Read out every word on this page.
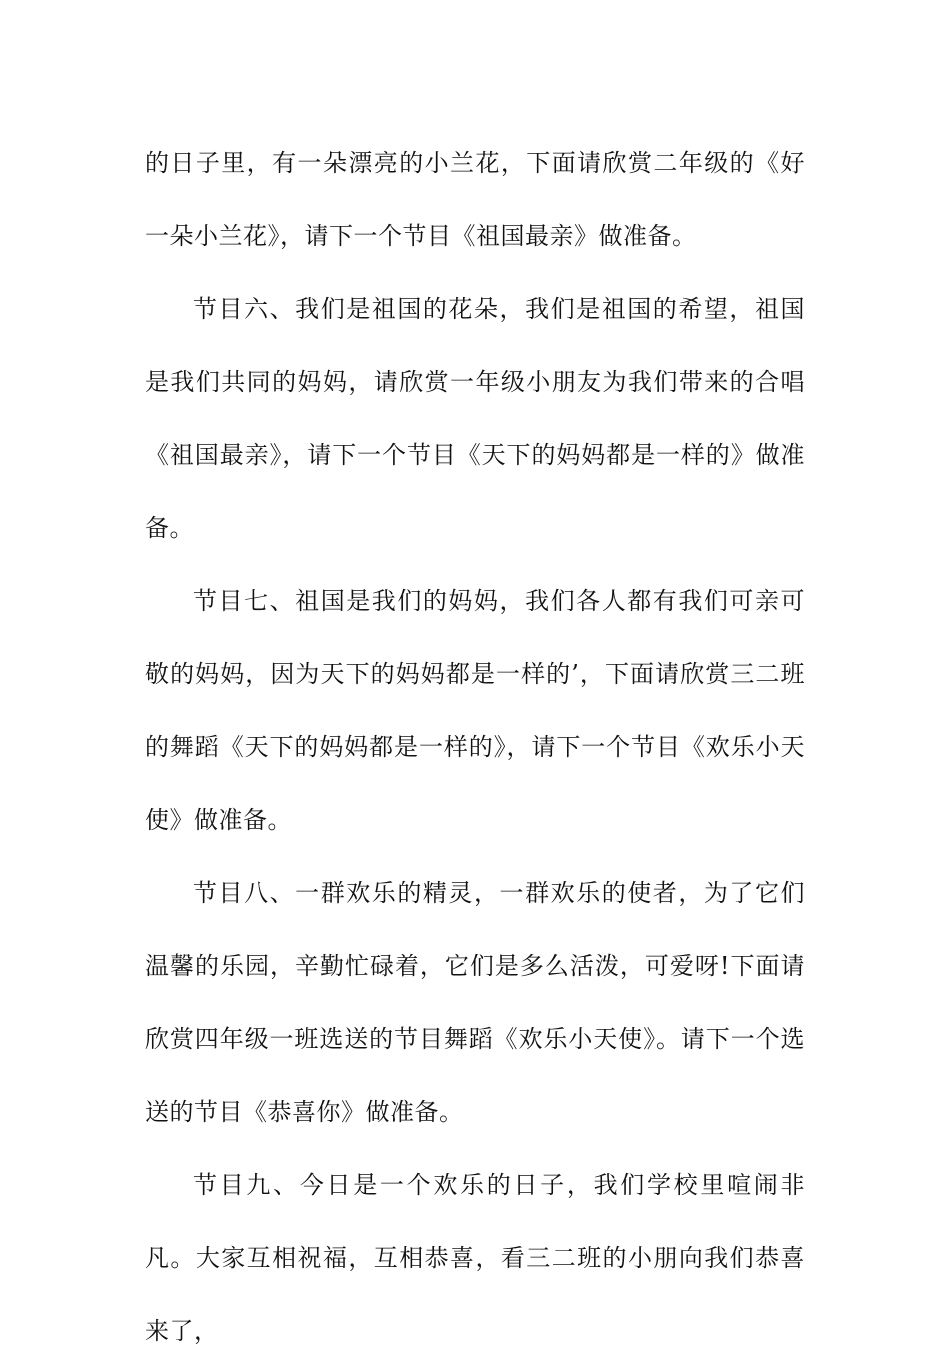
的日子里，有一朵漂亮的小兰花，下面请欣赏二年级的《好一朵小兰花》，请下一个节目《祖国最亲》做准备。

节目六、我们是祖国的花朵，我们是祖国的希望，祖国是我们共同的妈妈，请欣赏一年级小朋友为我们带来的合唱《祖国最亲》，请下一个节目《天下的妈妈都是一样的》做准备。

节目七、祖国是我们的妈妈，我们各人都有我们可亲可敬的妈妈，因为天下的妈妈都是一样的’，下面请欣赏三二班的舞蹈《天下的妈妈都是一样的》，请下一个节目《欢乐小天使》做准备。

节目八、一群欢乐的精灵，一群欢乐的使者，为了它们温馨的乐园，辛勤忙碌着，它们是多么活泼，可爱呀!下面请欣赏四年级一班选送的节目舞蹈《欢乐小天使》。请下一个选送的节目《恭喜你》做准备。

节目九、今日是一个欢乐的日子，我们学校里喧闹非凡。大家互相祝福，互相恭喜，看三二班的小朋向我们恭喜来了，
